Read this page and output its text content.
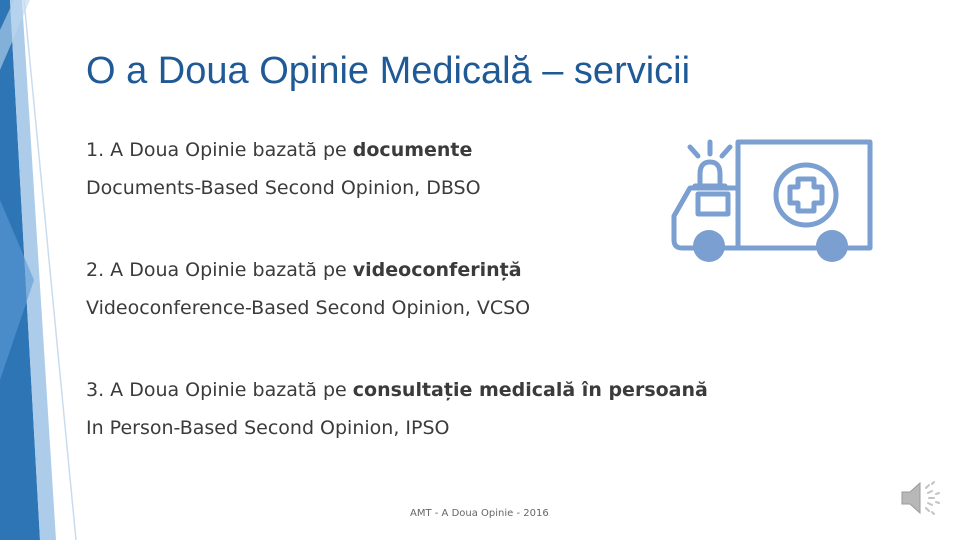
O a Doua Opinie Medicală – servicii
1. A Doua Opinie bazată pe documente
Documents-Based Second Opinion, DBSO
2. A Doua Opinie bazată pe videoconferință
Videoconference-Based Second Opinion, VCSO
3. A Doua Opinie bazată pe consultație medicală în persoană
In Person-Based Second Opinion, IPSO
AMT - A Doua Opinie - 2016
